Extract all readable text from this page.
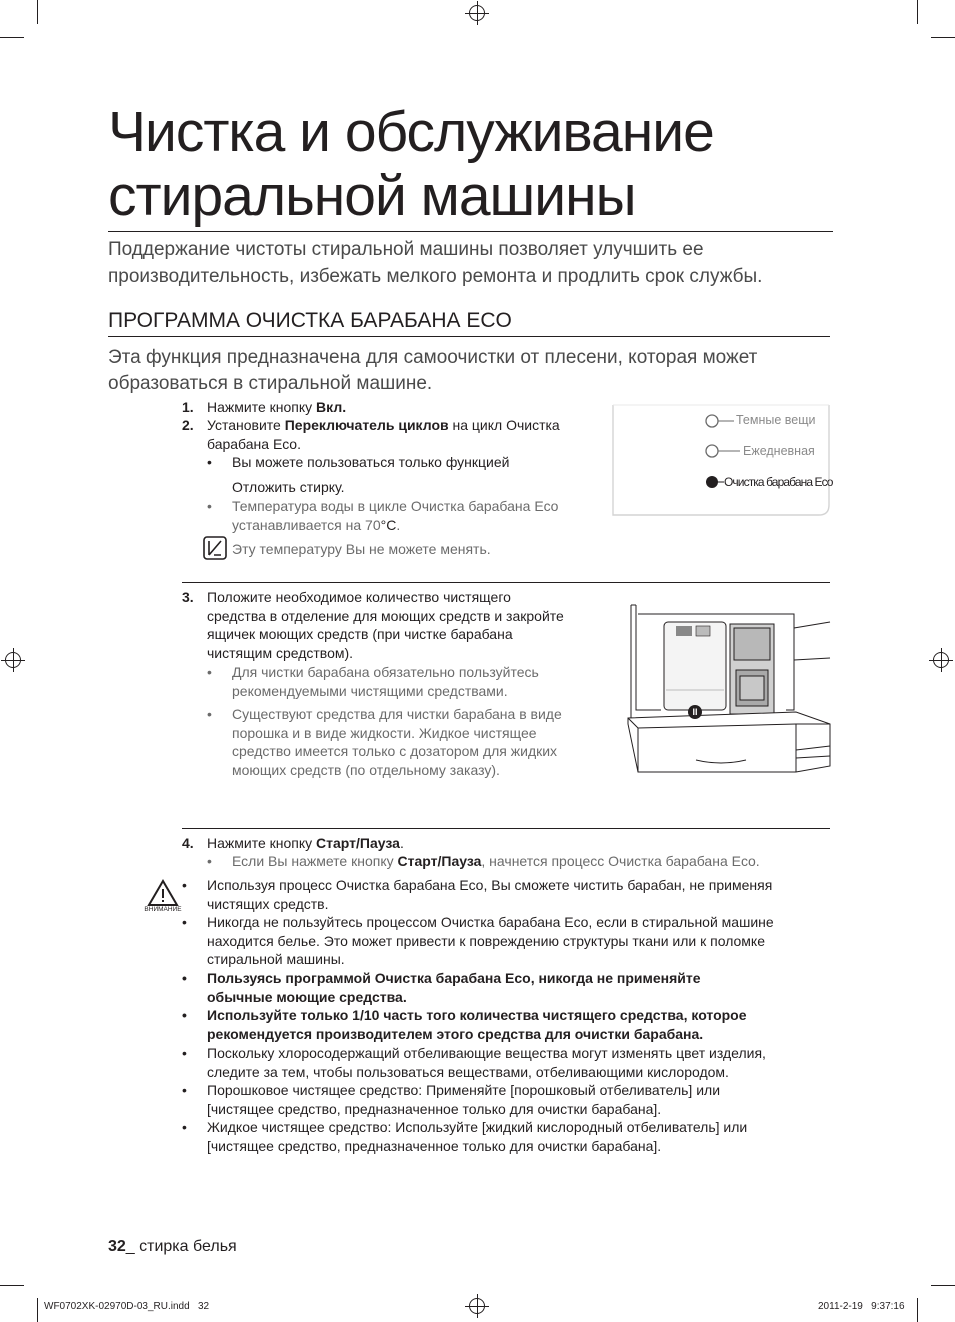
Чистка и обслуживание
стиральной машины
Поддержание чистоты стиральной машины позволяет улучшить ее производительность, избежать мелкого ремонта и продлить срок службы.
ПРОГРАММА ОЧИСТКА БАРАБАНА ECO
Эта функция предназначена для самоочистки от плесени, которая может образоваться в стиральной машине.
1. Нажмите кнопку Вкл.
2. Установите Переключатель циклов на цикл Очистка
барабана Eco.
• Вы можете пользоваться только функцией
Отложить стирку.
• Температура воды в цикле Очистка барабана Eco
устанавливается на 70°C.
Эту температуру Вы не можете менять.
Темные вещи
Ежедневная
Очистка барабана Eco
3. Положите необходимое количество чистящего
средства в отделение для моющих средств и закройте
ящичек моющих средств (при чистке барабана
чистящим средством).
• Для чистки барабана обязательно пользуйтесь
рекомендуемыми чистящими средствами.
• Существуют средства для чистки барабана в виде
порошка и в виде жидкости. Жидкое чистящее
средство имеется только с дозатором для жидких
моющих средств (по отдельному заказу).
II
4. Нажмите кнопку Старт/Пауза.
• Если Вы нажмете кнопку Старт/Пауза, начнется процесс Очистка барабана Eco.
ВНИМАНИЕ
• Используя процесс Очистка барабана Eco, Вы сможете чистить барабан, не применяя
чистящих средств.
• Никогда не пользуйтесь процессом Очистка барабана Eco, если в стиральной машине
находится белье. Это может привести к повреждению структуры ткани или к поломке
стиральной машины.
• Пользуясь программой Очистка барабана Eco, никогда не применяйте
обычные моющие средства.
• Используйте только 1/10 часть того количества чистящего средства, которое
рекомендуется производителем этого средства для очистки барабана.
• Поскольку хлоросодержащий отбеливающие вещества могут изменять цвет изделия,
следите за тем, чтобы пользоваться веществами, отбеливающими кислородом.
• Порошковое чистящее средство: Применяйте [порошковый отбеливатель] или
[чистящее средство, предназначенное только для очистки барабана].
• Жидкое чистящее средство: Используйте [жидкий кислородный отбеливатель] или
[чистящее средство, предназначенное только для очистки барабана].
32_ стирка белья
WF0702XK-02970D-03_RU.indd   32	2011-2-19   9:37:16
